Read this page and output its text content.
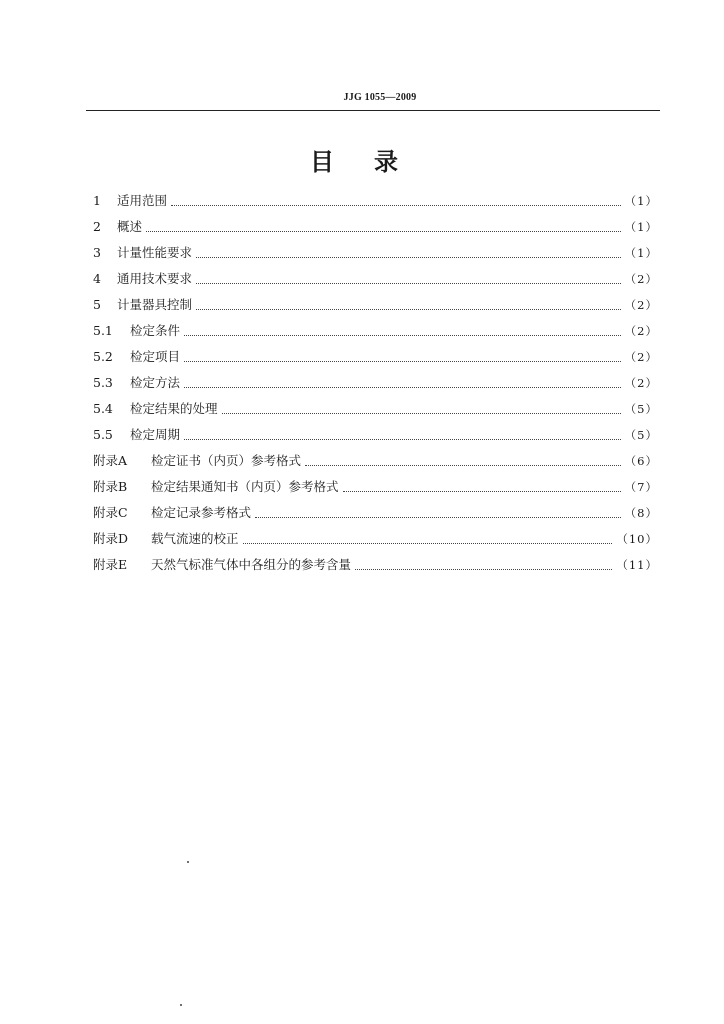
JJG 1055—2009
目录
1	适用范围	（1）
2	概述	（1）
3	计量性能要求	（1）
4	通用技术要求	（2）
5	计量器具控制	（2）
5.1	检定条件	（2）
5.2	检定项目	（2）
5.3	检定方法	（2）
5.4	检定结果的处理	（5）
5.5	检定周期	（5）
附录A	检定证书（内页）参考格式	（6）
附录B	检定结果通知书（内页）参考格式	（7）
附录C	检定记录参考格式	（8）
附录D	载气流速的校正	（10）
附录E	天然气标准气体中各组分的参考含量	（11）
